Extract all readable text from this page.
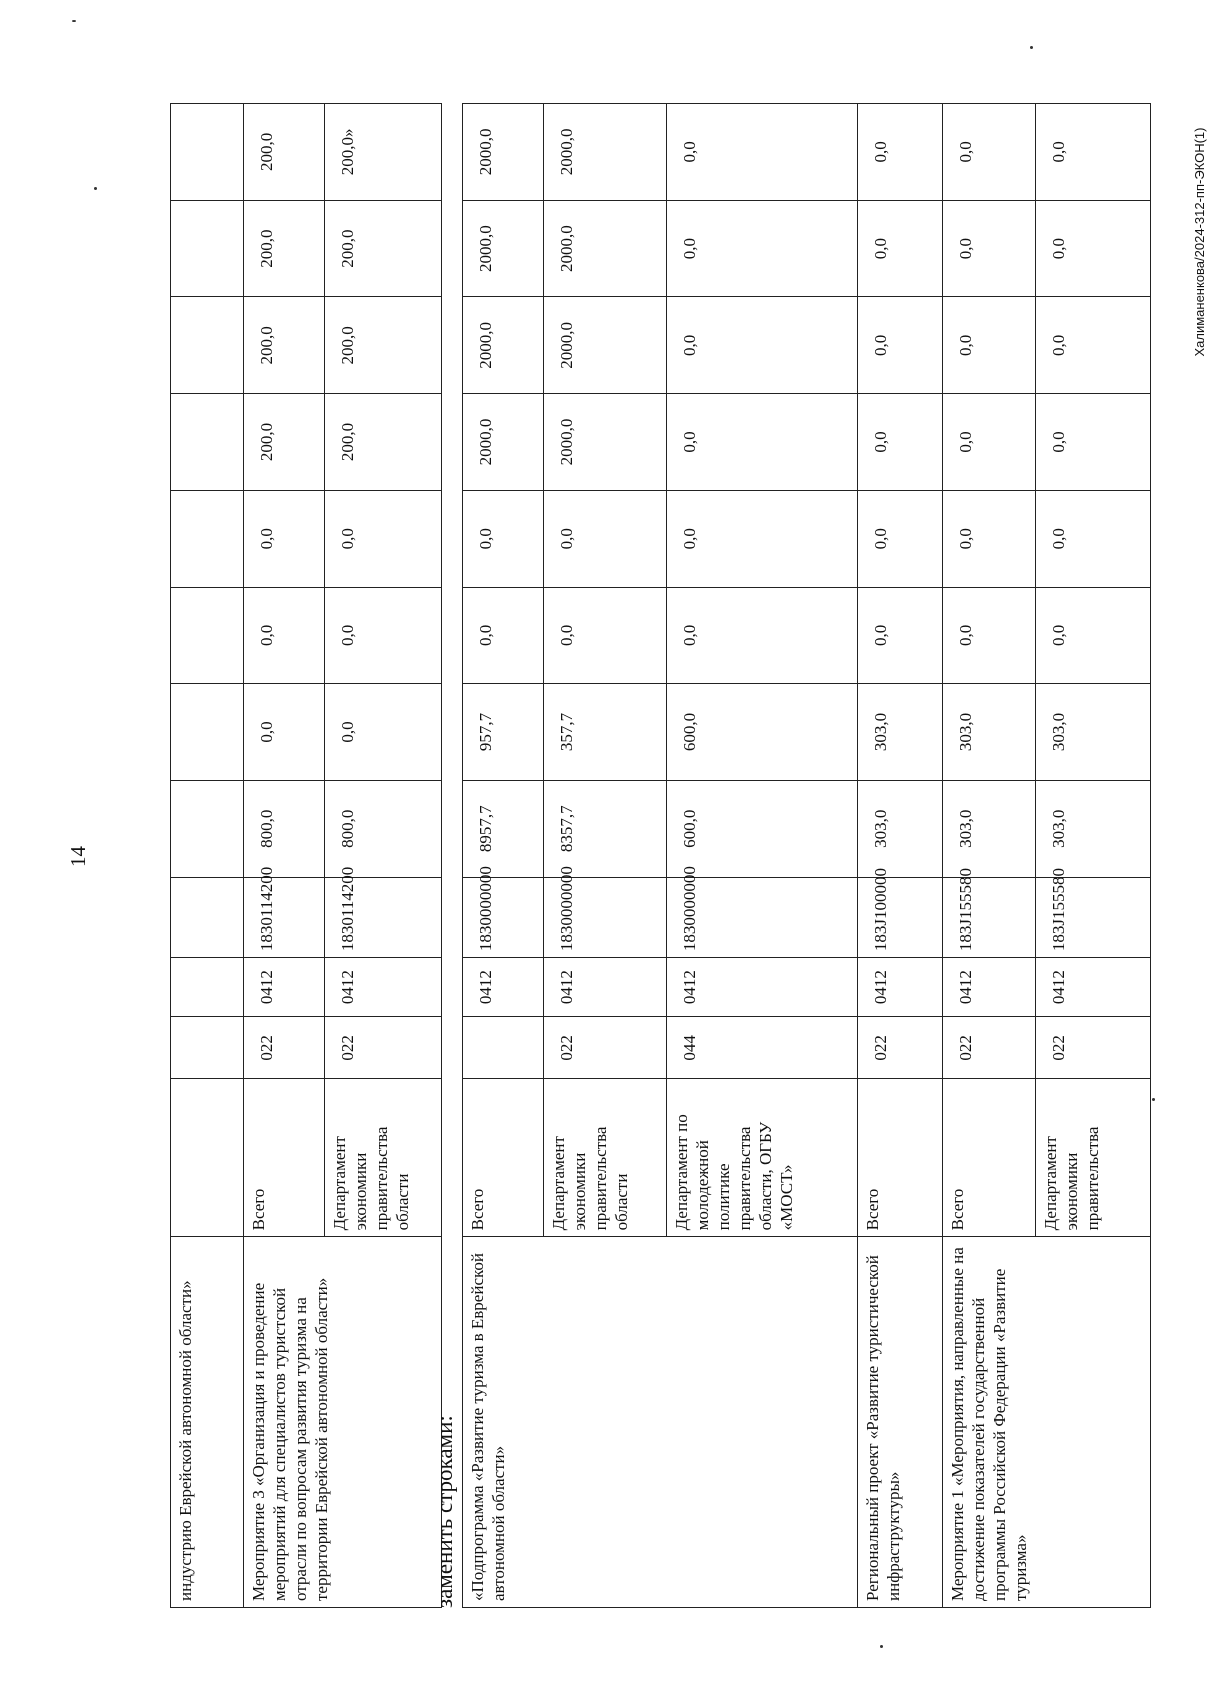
14
Халиманенкова/2024-312-пп-ЭКОН(1)
индустрию Еврейской автономной области»												
Мероприятие 3 «Организация и проведение мероприятий для специалистов туристской отрасли по вопросам развития туризма на территории Еврейской автономной области»	Всего	022	0412	1830114200	800,0	0,0	0,0	0,0	200,0	200,0	200,0	200,0
	Департамент экономики правительства области	022	0412	1830114200	800,0	0,0	0,0	0,0	200,0	200,0	200,0	200,0»
заменить строками: «Подпрограмма «Развитие туризма в Еврейской автономной области»	Всего		0412	1830000000	8957,7	957,7	0,0	0,0	2000,0	2000,0	2000,0	2000,0
	Департамент экономики правительства области	022	0412	1830000000	8357,7	357,7	0,0	0,0	2000,0	2000,0	2000,0	2000,0
	Департамент по молодежной политике правительства области, ОГБУ «МОСТ»	044	0412	1830000000	600,0	600,0	0,0	0,0	0,0	0,0	0,0	0,0
Региональный проект «Развитие туристической инфраструктуры»	Всего	022	0412	183J100000	303,0	303,0	0,0	0,0	0,0	0,0	0,0	0,0
Мероприятие 1 «Мероприятия, направленные на достижение показателей государственной программы Российской Федерации «Развитие туризма»	Всего	022	0412	183J155580	303,0	303,0	0,0	0,0	0,0	0,0	0,0	0,0
	Департамент экономики правительства	022	0412	183J155580	303,0	303,0	0,0	0,0	0,0	0,0	0,0	0,0
